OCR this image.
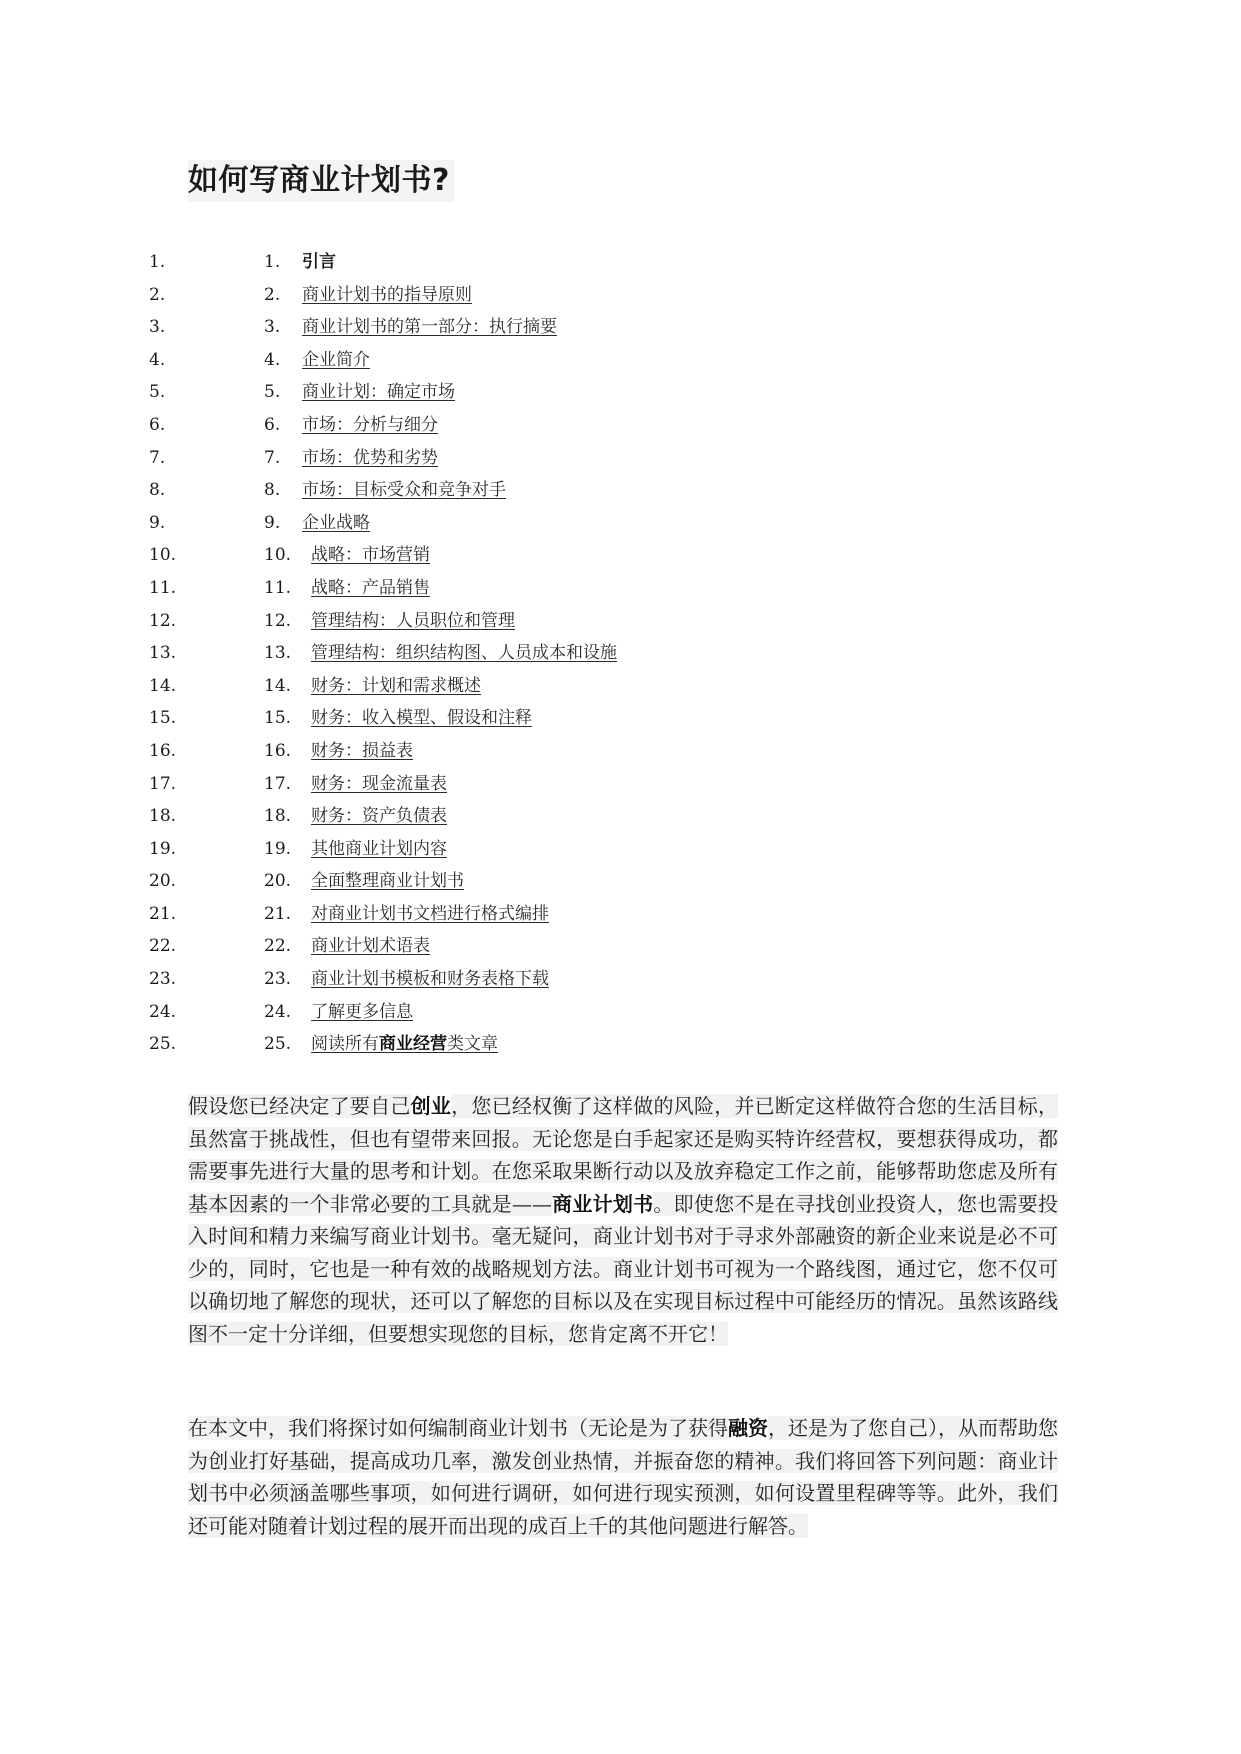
如何写商业计划书?
1.	1. 引言
2.	2. 商业计划书的指导原则
3.	3. 商业计划书的第一部分：执行摘要
4.	4. 企业简介
5.	5. 商业计划：确定市场
6.	6. 市场：分析与细分
7.	7. 市场：优势和劣势
8.	8. 市场：目标受众和竞争对手
9.	9. 企业战略
10.	10. 战略：市场营销
11.	11. 战略：产品销售
12.	12. 管理结构：人员职位和管理
13.	13. 管理结构：组织结构图、人员成本和设施
14.	14. 财务：计划和需求概述
15.	15. 财务：收入模型、假设和注释
16.	16. 财务：损益表
17.	17. 财务：现金流量表
18.	18. 财务：资产负债表
19.	19. 其他商业计划内容
20.	20. 全面整理商业计划书
21.	21. 对商业计划书文档进行格式编排
22.	22. 商业计划术语表
23.	23. 商业计划书模板和财务表格下载
24.	24. 了解更多信息
25.	25. 阅读所有商业经营类文章

假设您已经决定了要自己创业，您已经权衡了这样做的风险，并已断定这样做符合您的生活目标，虽然富于挑战性，但也有望带来回报。无论您是白手起家还是购买特许经营权，要想获得成功，都需要事先进行大量的思考和计划。在您采取果断行动以及放弃稳定工作之前，能够帮助您虑及所有基本因素的一个非常必要的工具就是——商业计划书。即使您不是在寻找创业投资人，您也需要投入时间和精力来编写商业计划书。毫无疑问，商业计划书对于寻求外部融资的新企业来说是必不可少的，同时，它也是一种有效的战略规划方法。商业计划书可视为一个路线图，通过它，您不仅可以确切地了解您的现状，还可以了解您的目标以及在实现目标过程中可能经历的情况。虽然该路线图不一定十分详细，但要想实现您的目标，您肯定离不开它！

在本文中，我们将探讨如何编制商业计划书（无论是为了获得融资，还是为了您自己），从而帮助您为创业打好基础，提高成功几率，激发创业热情，并振奋您的精神。我们将回答下列问题：商业计划书中必须涵盖哪些事项，如何进行调研，如何进行现实预测，如何设置里程碑等等。此外，我们还可能对随着计划过程的展开而出现的成百上千的其他问题进行解答。
